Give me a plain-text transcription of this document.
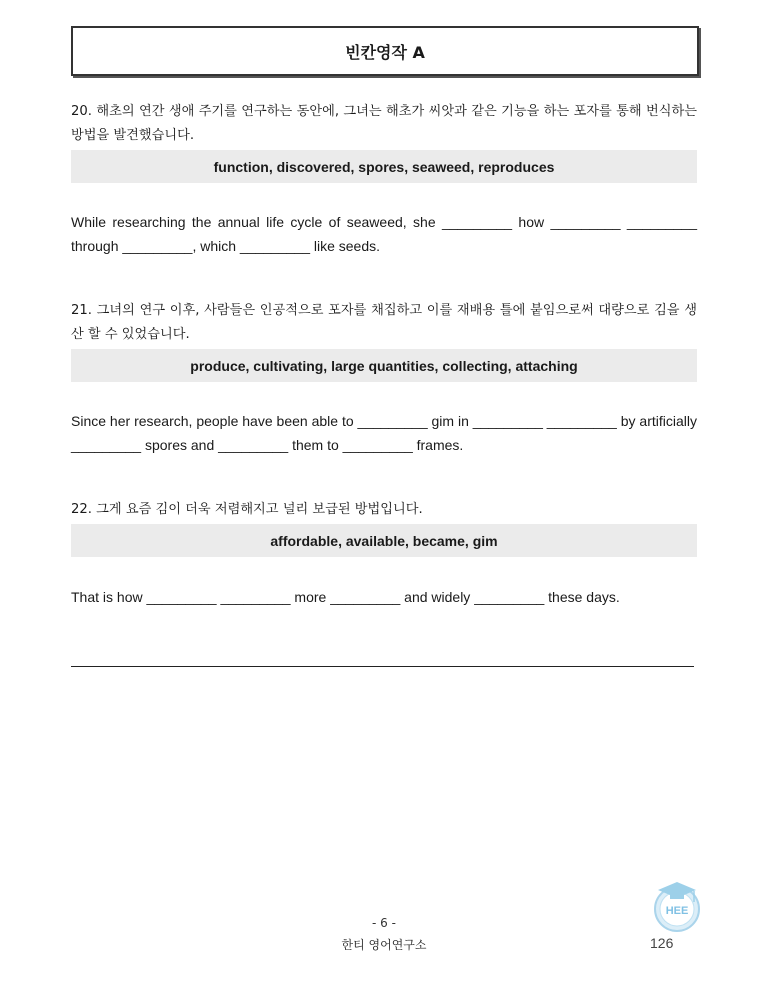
빈칸영작 A
20. 해초의 연간 생애 주기를 연구하는 동안에, 그녀는 해초가 씨앗과 같은 기능을 하는 포자를 통해 번식하는 방법을 발견했습니다.
function, discovered, spores, seaweed, reproduces
While researching the annual life cycle of seaweed, she _________ how _________ _________ through _________, which _________ like seeds.
21. 그녀의 연구 이후, 사람들은 인공적으로 포자를 채집하고 이를 재배용 틀에 붙임으로써 대량으로 김을 생산 할 수 있었습니다.
produce, cultivating, large quantities, collecting, attaching
Since her research, people have been able to _________ gim in _________ _________ by artificially _________ spores and _________ them to _________ frames.
22. 그게 요즘 김이 더욱 저렴해지고 널리 보급된 방법입니다.
affordable, available, became, gim
That is how _________ _________ more _________ and widely _________ these days.
HEE
- 6 -
한티 영어연구소	126
